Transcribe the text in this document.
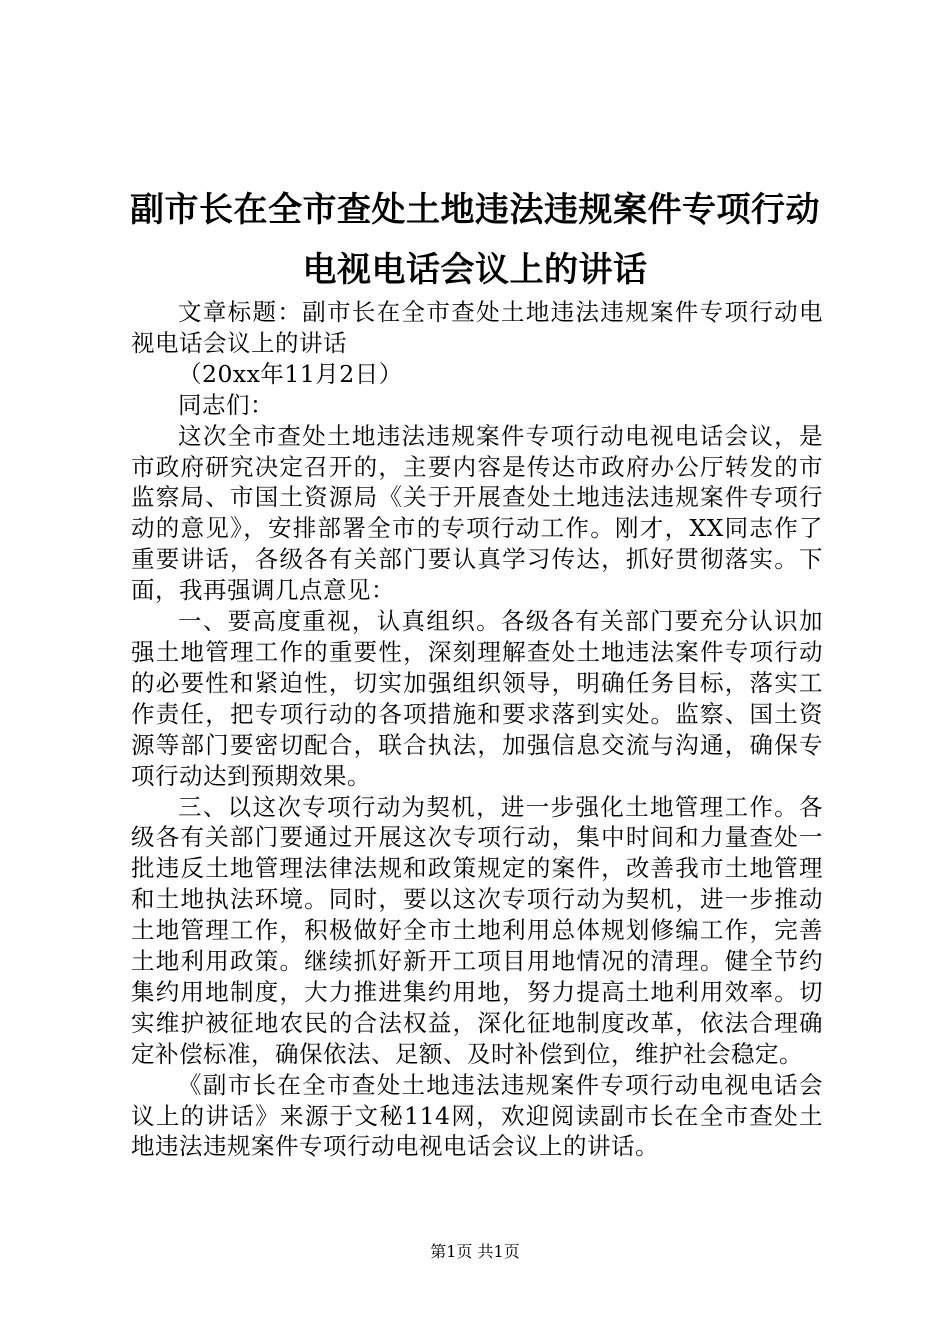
副市长在全市查处土地违法违规案件专项行动
电视电话会议上的讲话

文章标题：副市长在全市查处土地违法违规案件专项行动电视电话会议上的讲话

（20xx年11月2日）

同志们：

这次全市查处土地违法违规案件专项行动电视电话会议，是市政府研究决定召开的，主要内容是传达市政府办公厅转发的市监察局、市国土资源局《关于开展查处土地违法违规案件专项行动的意见》，安排部署全市的专项行动工作。刚才，XX同志作了重要讲话，各级各有关部门要认真学习传达，抓好贯彻落实。下面，我再强调几点意见：

一、要高度重视，认真组织。各级各有关部门要充分认识加强土地管理工作的重要性，深刻理解查处土地违法案件专项行动的必要性和紧迫性，切实加强组织领导，明确任务目标，落实工作责任，把专项行动的各项措施和要求落到实处。监察、国土资源等部门要密切配合，联合执法，加强信息交流与沟通，确保专项行动达到预期效果。

三、以这次专项行动为契机，进一步强化土地管理工作。各级各有关部门要通过开展这次专项行动，集中时间和力量查处一批违反土地管理法律法规和政策规定的案件，改善我市土地管理和土地执法环境。同时，要以这次专项行动为契机，进一步推动土地管理工作，积极做好全市土地利用总体规划修编工作，完善土地利用政策。继续抓好新开工项目用地情况的清理。健全节约集约用地制度，大力推进集约用地，努力提高土地利用效率。切实维护被征地农民的合法权益，深化征地制度改革，依法合理确定补偿标准，确保依法、足额、及时补偿到位，维护社会稳定。

《副市长在全市查处土地违法违规案件专项行动电视电话会议上的讲话》来源于文秘114网，欢迎阅读副市长在全市查处土地违法违规案件专项行动电视电话会议上的讲话。

第1页 共1页
